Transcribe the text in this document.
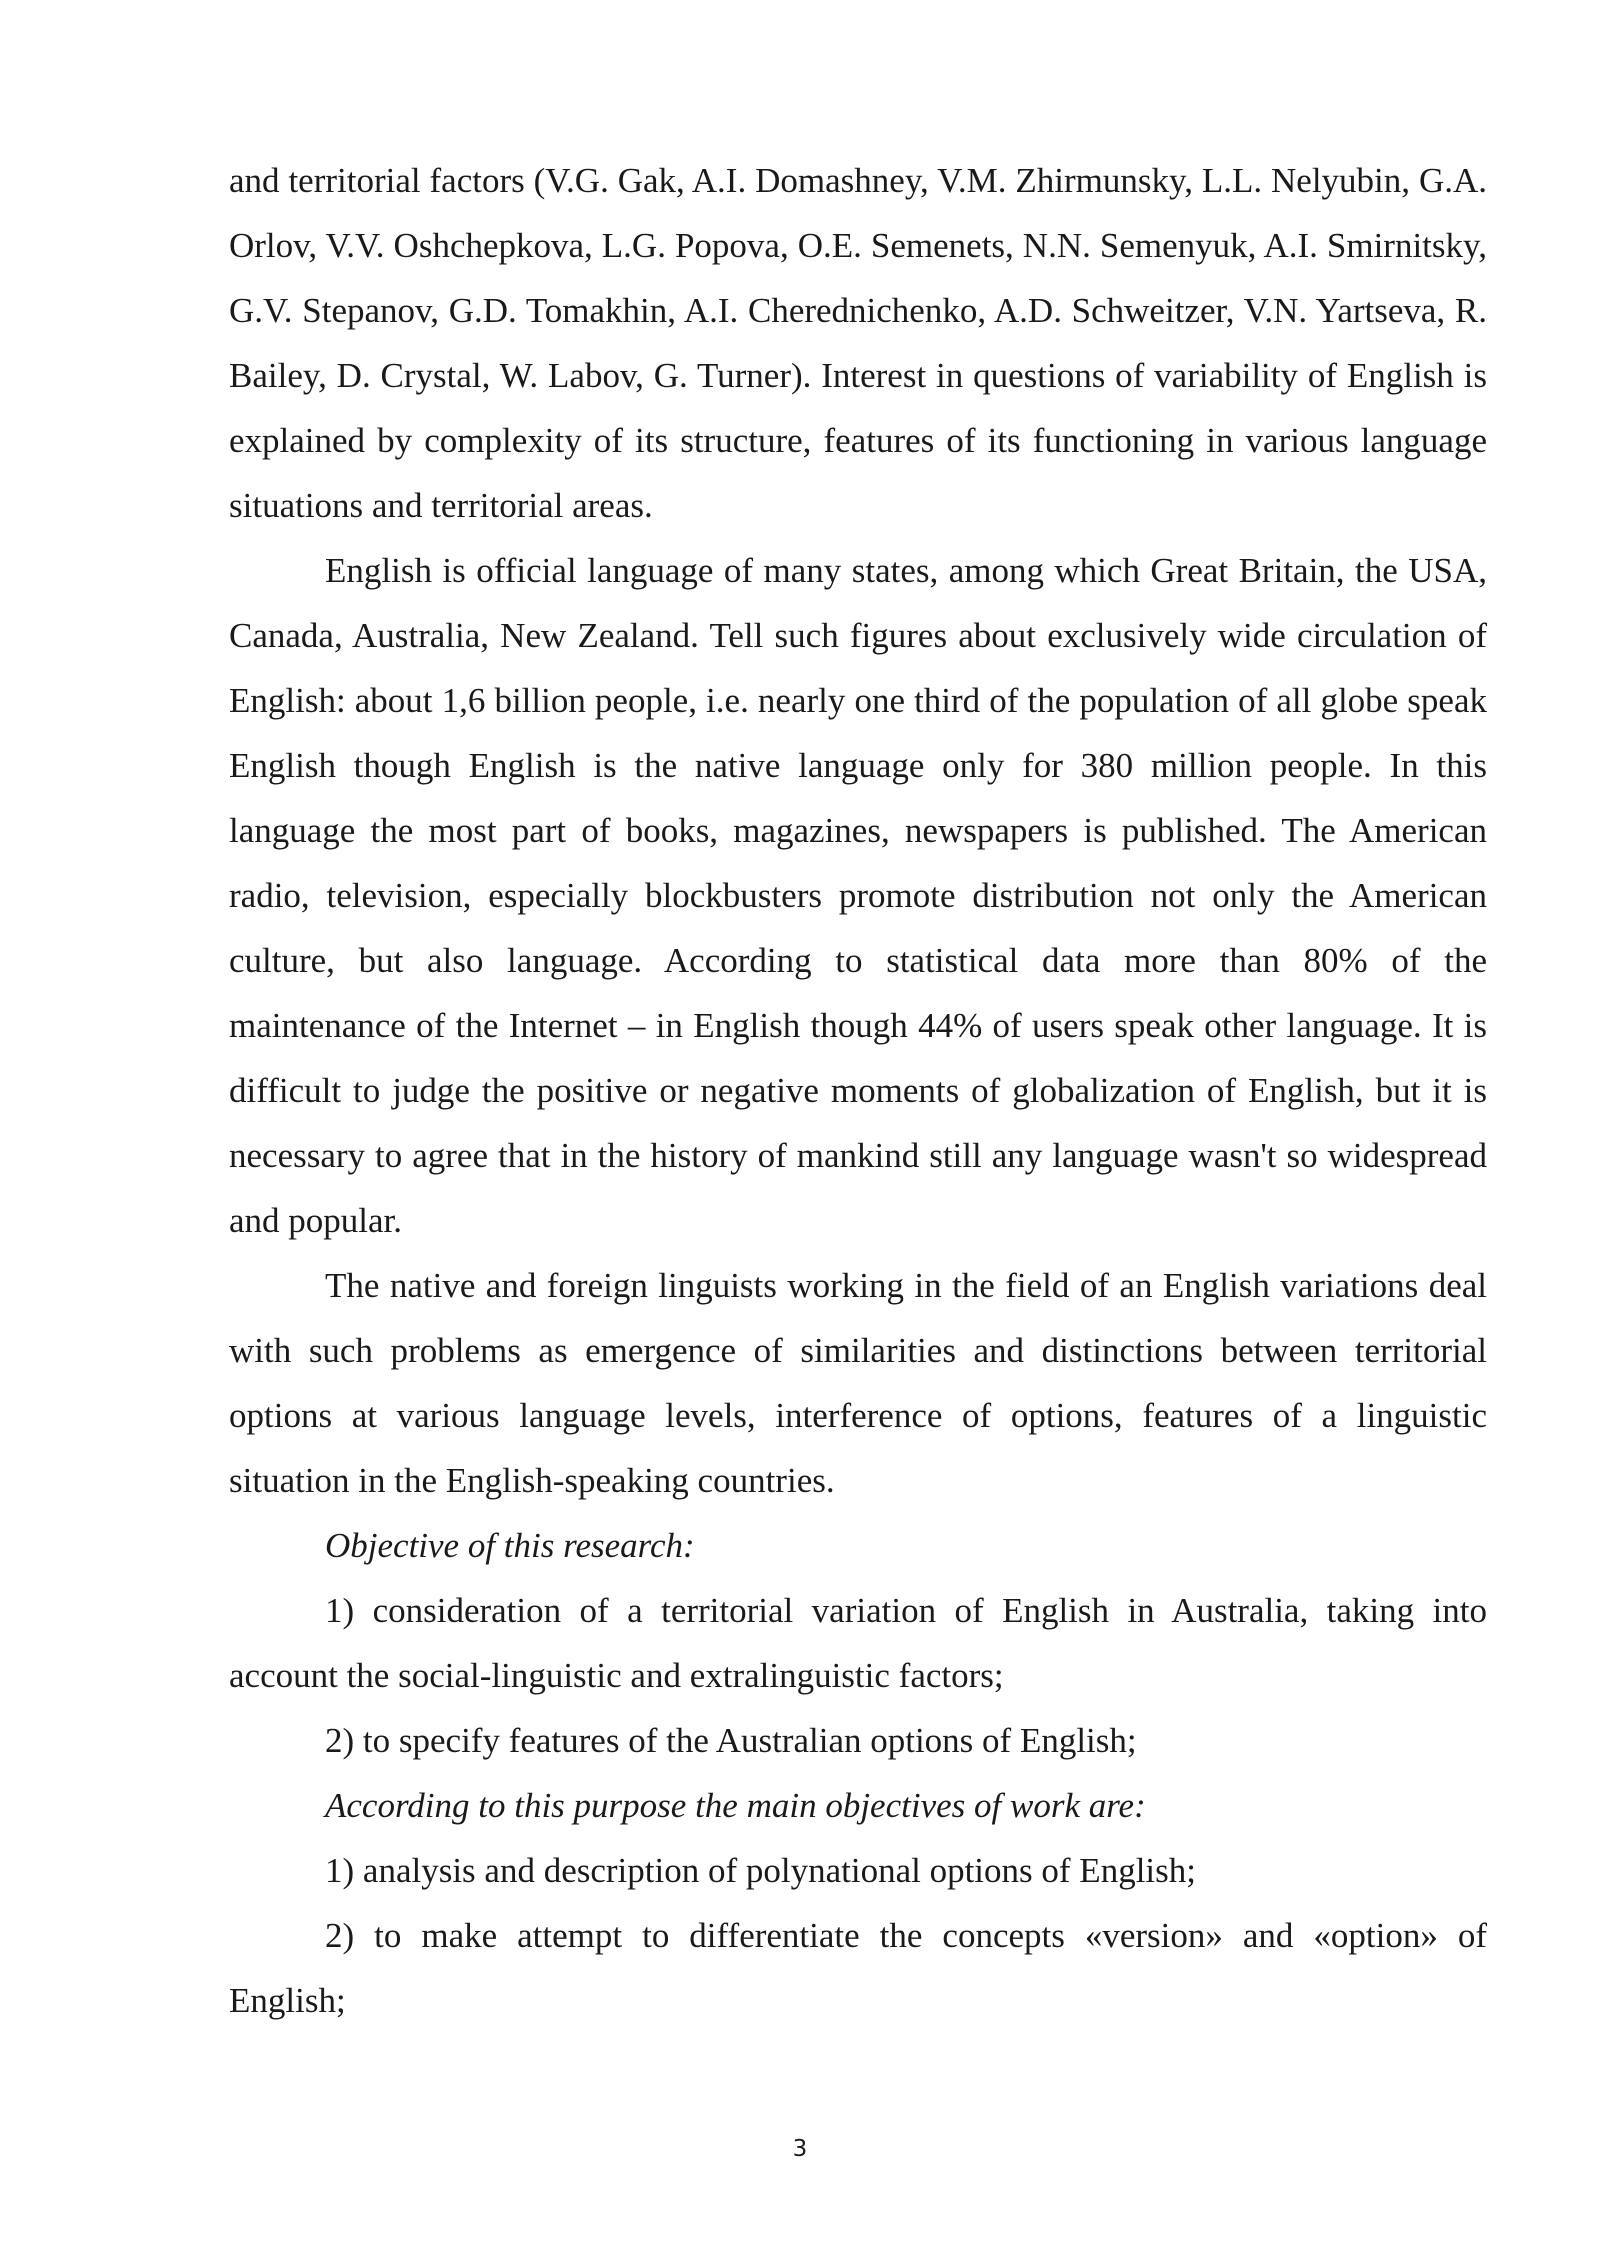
and territorial factors (V.G. Gak, A.I. Domashney, V.M. Zhirmunsky, L.L. Nelyubin, G.A. Orlov, V.V. Oshchepkova, L.G. Popova, O.E. Semenets, N.N. Semenyuk, A.I. Smirnitsky, G.V. Stepanov, G.D. Tomakhin, A.I. Cherednichenko, A.D. Schweitzer, V.N. Yartseva, R. Bailey, D. Crystal, W. Labov, G. Turner). Interest in questions of variability of English is explained by complexity of its structure, features of its functioning in various language situations and territorial areas.

English is official language of many states, among which Great Britain, the USA, Canada, Australia, New Zealand. Tell such figures about exclusively wide circulation of English: about 1,6 billion people, i.e. nearly one third of the population of all globe speak English though English is the native language only for 380 million people. In this language the most part of books, magazines, newspapers is published. The American radio, television, especially blockbusters promote distribution not only the American culture, but also language. According to statistical data more than 80% of the maintenance of the Internet – in English though 44% of users speak other language. It is difficult to judge the positive or negative moments of globalization of English, but it is necessary to agree that in the history of mankind still any language wasn't so widespread and popular.

The native and foreign linguists working in the field of an English variations deal with such problems as emergence of similarities and distinctions between territorial options at various language levels, interference of options, features of a linguistic situation in the English-speaking countries.

Objective of this research:

1) consideration of a territorial variation of English in Australia, taking into account the social-linguistic and extralinguistic factors;

2) to specify features of the Australian options of English;

According to this purpose the main objectives of work are:

1) analysis and description of polynational options of English;

2) to make attempt to differentiate the concepts «version» and «option» of English;

3
